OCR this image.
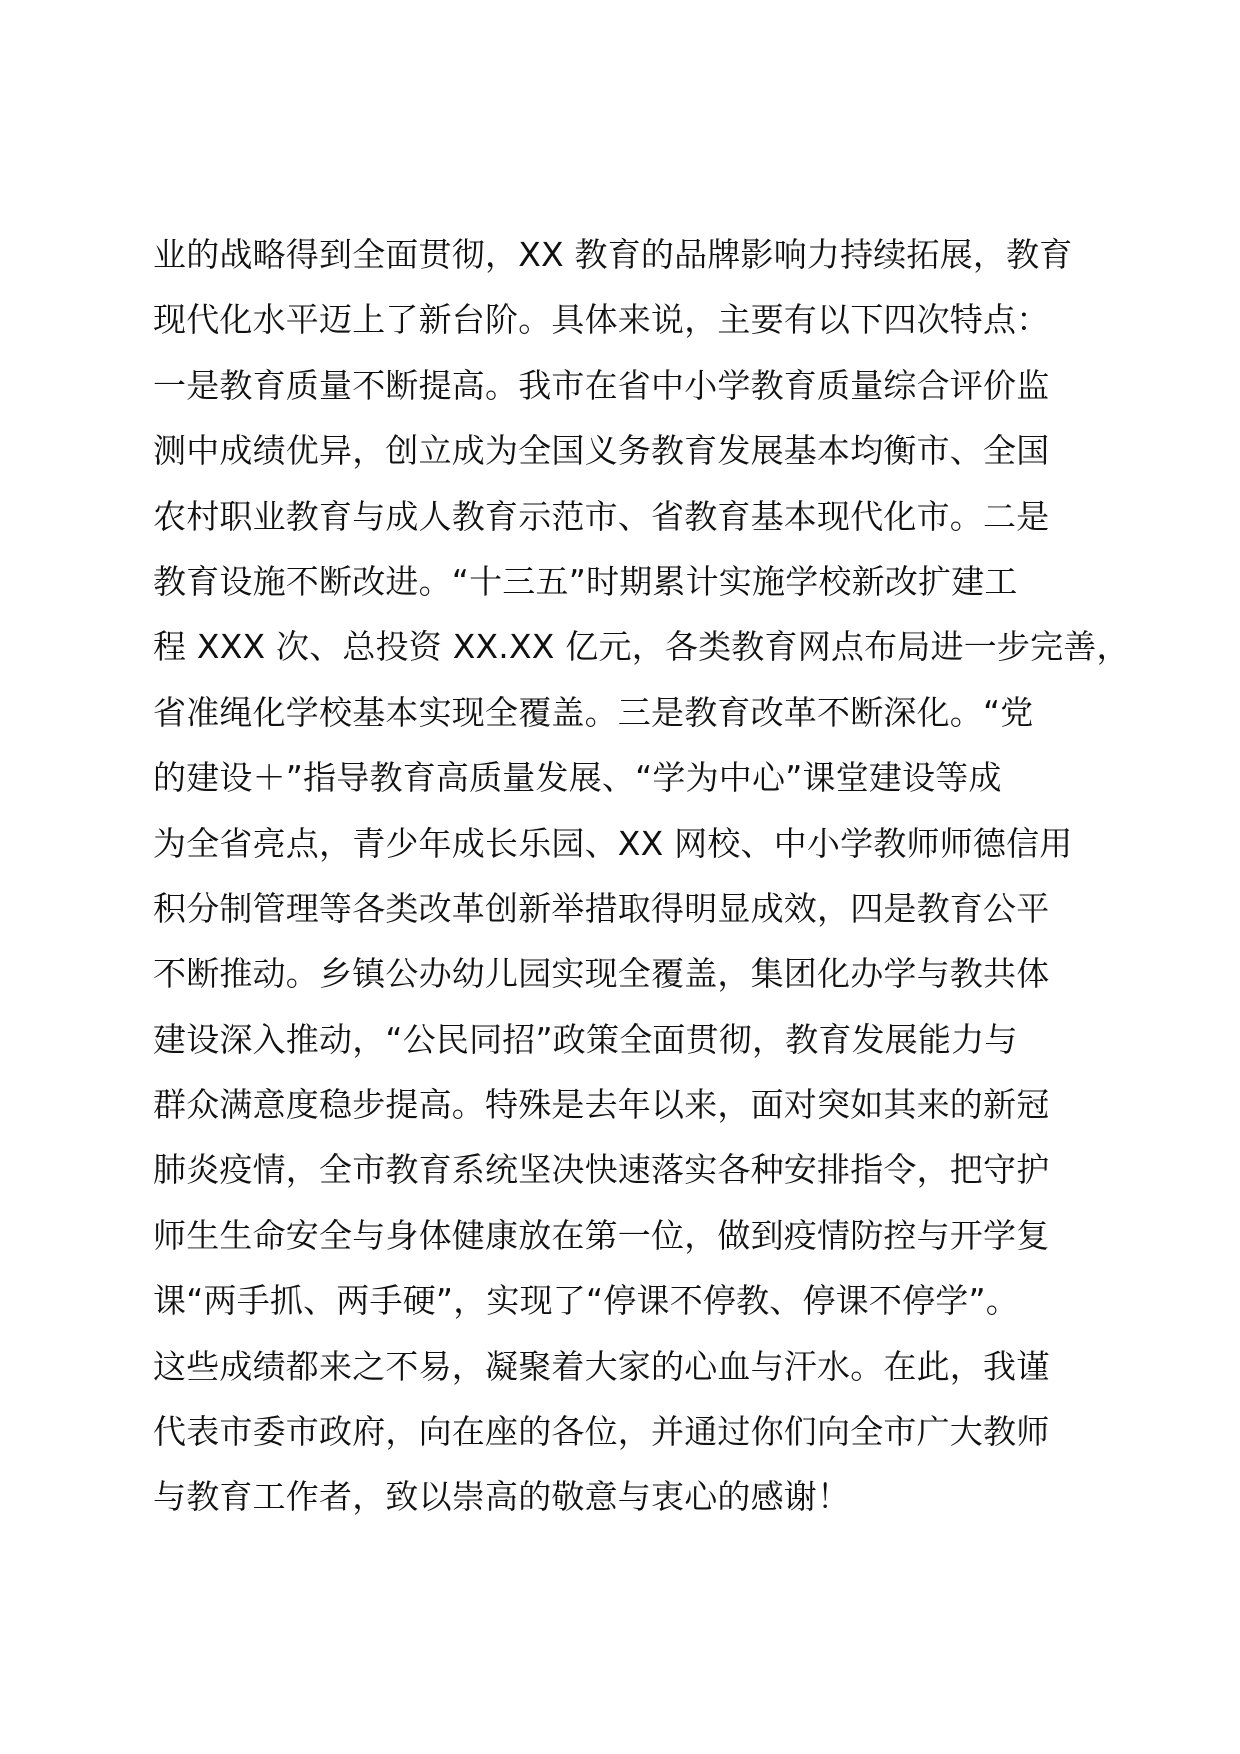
业的战略得到全面贯彻，XX 教育的品牌影响力持续拓展，教育
现代化水平迈上了新台阶。具体来说，主要有以下四次特点：
一是教育质量不断提高。我市在省中小学教育质量综合评价监
测中成绩优异，创立成为全国义务教育发展基本均衡市、全国
农村职业教育与成人教育示范市、省教育基本现代化市。二是
教育设施不断改进。“十三五”时期累计实施学校新改扩建工
程 XXX 次、总投资 XX.XX 亿元，各类教育网点布局进一步完善，
省准绳化学校基本实现全覆盖。三是教育改革不断深化。“党
的建设＋”指导教育高质量发展、“学为中心”课堂建设等成
为全省亮点，青少年成长乐园、XX 网校、中小学教师师德信用
积分制管理等各类改革创新举措取得明显成效，四是教育公平
不断推动。乡镇公办幼儿园实现全覆盖，集团化办学与教共体
建设深入推动，“公民同招”政策全面贯彻，教育发展能力与
群众满意度稳步提高。特殊是去年以来，面对突如其来的新冠
肺炎疫情，全市教育系统坚决快速落实各种安排指令，把守护
师生生命安全与身体健康放在第一位，做到疫情防控与开学复
课“两手抓、两手硬”，实现了“停课不停教、停课不停学”。
这些成绩都来之不易，凝聚着大家的心血与汗水。在此，我谨
代表市委市政府，向在座的各位，并通过你们向全市广大教师
与教育工作者，致以崇高的敬意与衷心的感谢！
